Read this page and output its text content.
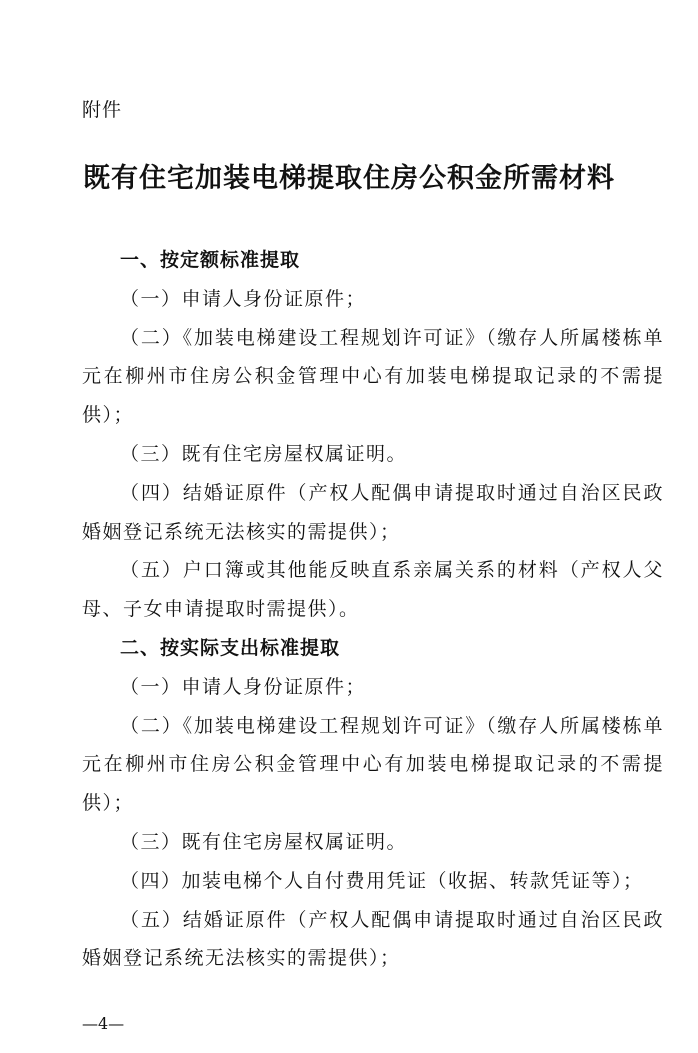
附件
既有住宅加装电梯提取住房公积金所需材料

一、按定额标准提取

（一）申请人身份证原件；

（二）《加装电梯建设工程规划许可证》（缴存人所属楼栋单元在柳州市住房公积金管理中心有加装电梯提取记录的不需提供）；

（三）既有住宅房屋权属证明。

（四）结婚证原件（产权人配偶申请提取时通过自治区民政婚姻登记系统无法核实的需提供）；

（五）户口簿或其他能反映直系亲属关系的材料（产权人父母、子女申请提取时需提供）。

二、按实际支出标准提取

（一）申请人身份证原件；

（二）《加装电梯建设工程规划许可证》（缴存人所属楼栋单元在柳州市住房公积金管理中心有加装电梯提取记录的不需提供）；

（三）既有住宅房屋权属证明。

（四）加装电梯个人自付费用凭证（收据、转款凭证等）；

（五）结婚证原件（产权人配偶申请提取时通过自治区民政婚姻登记系统无法核实的需提供）；

—4—
